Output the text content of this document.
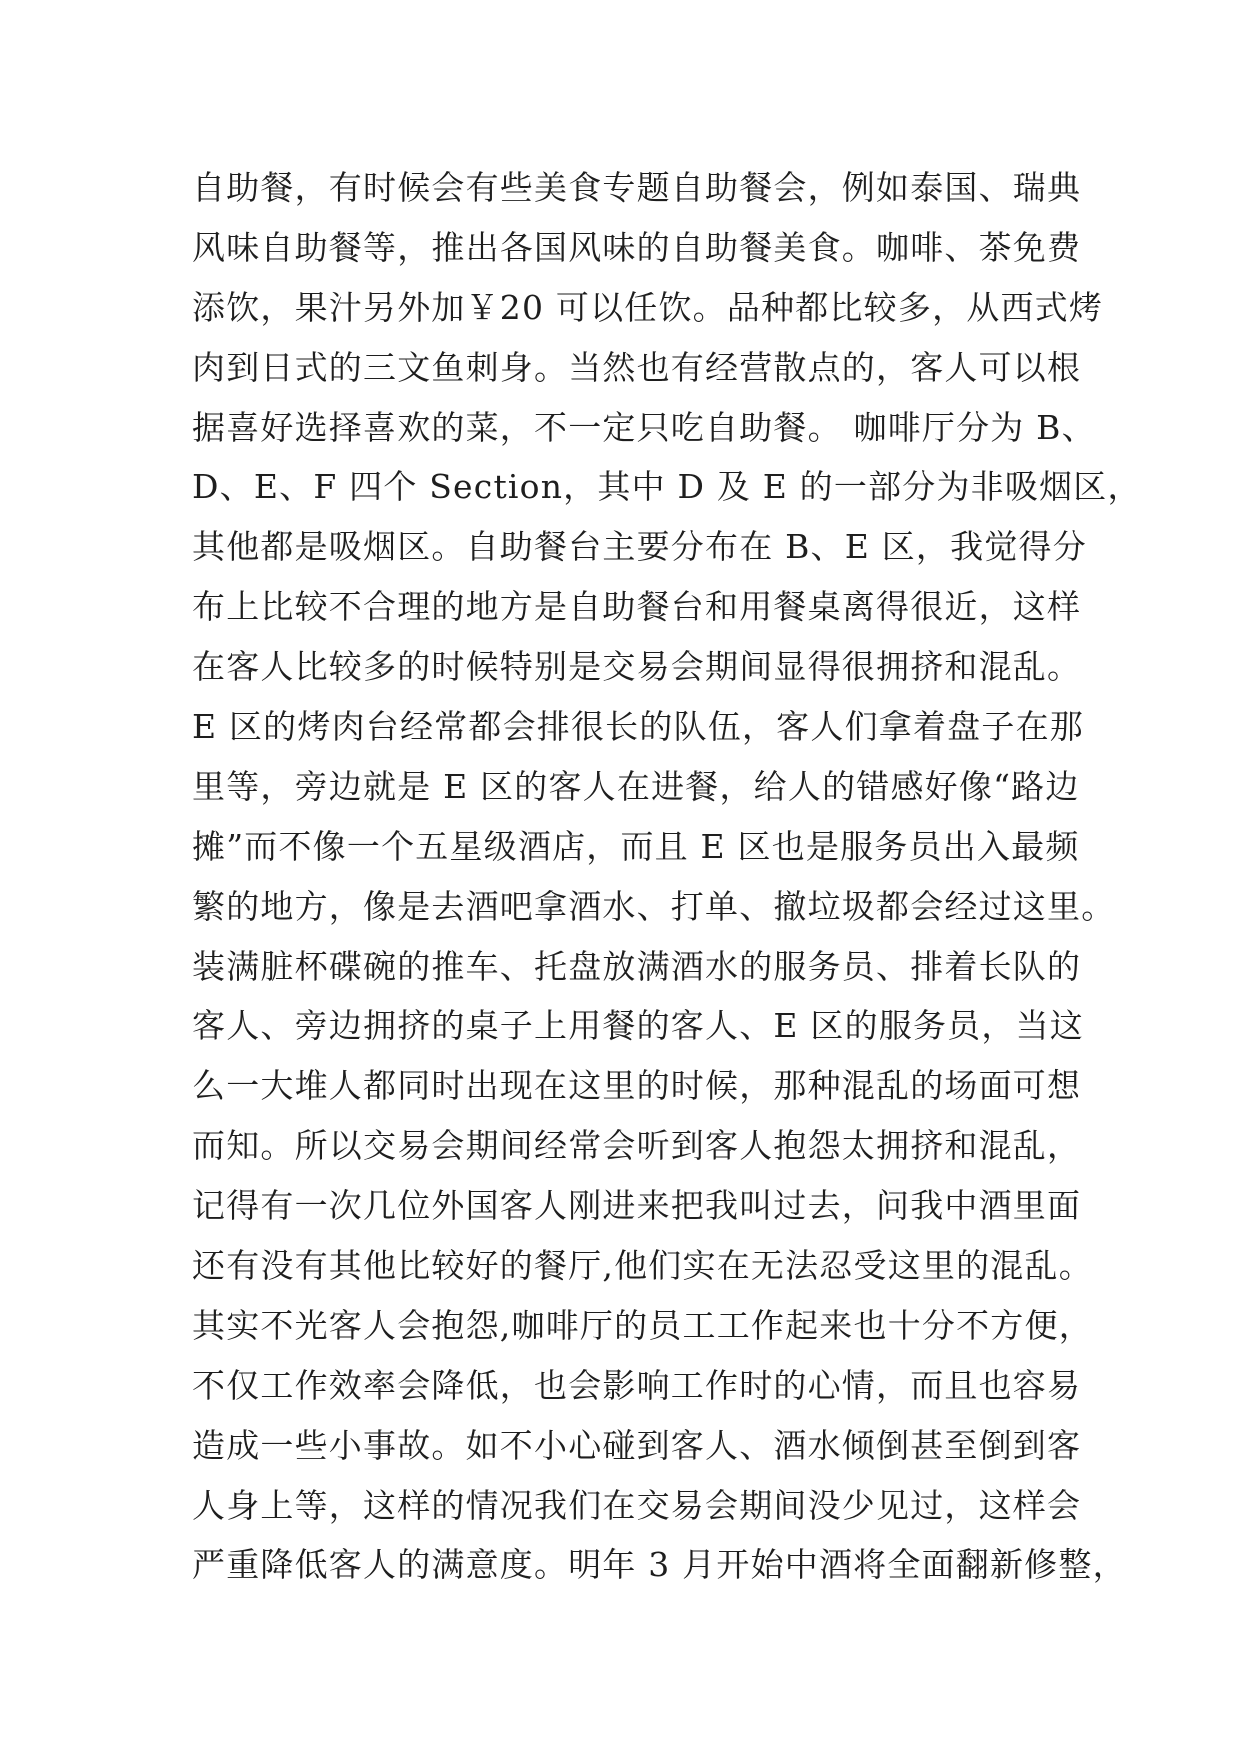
自助餐，有时候会有些美食专题自助餐会，例如泰国、瑞典
风味自助餐等，推出各国风味的自助餐美食。咖啡、茶免费
添饮，果汁另外加￥20 可以任饮。品种都比较多，从西式烤
肉到日式的三文鱼刺身。当然也有经营散点的，客人可以根
据喜好选择喜欢的菜，不一定只吃自助餐。 咖啡厅分为 B、
D、E、F 四个 Section，其中 D 及 E 的一部分为非吸烟区，
其他都是吸烟区。自助餐台主要分布在 B、E 区，我觉得分
布上比较不合理的地方是自助餐台和用餐桌离得很近，这样
在客人比较多的时候特别是交易会期间显得很拥挤和混乱。
E 区的烤肉台经常都会排很长的队伍，客人们拿着盘子在那
里等，旁边就是 E 区的客人在进餐，给人的错感好像“路边
摊”而不像一个五星级酒店，而且 E 区也是服务员出入最频
繁的地方，像是去酒吧拿酒水、打单、撤垃圾都会经过这里。
装满脏杯碟碗的推车、托盘放满酒水的服务员、排着长队的
客人、旁边拥挤的桌子上用餐的客人、E 区的服务员，当这
么一大堆人都同时出现在这里的时候，那种混乱的场面可想
而知。所以交易会期间经常会听到客人抱怨太拥挤和混乱，
记得有一次几位外国客人刚进来把我叫过去，问我中酒里面
还有没有其他比较好的餐厅,他们实在无法忍受这里的混乱。
其实不光客人会抱怨,咖啡厅的员工工作起来也十分不方便，
不仅工作效率会降低，也会影响工作时的心情，而且也容易
造成一些小事故。如不小心碰到客人、酒水倾倒甚至倒到客
人身上等，这样的情况我们在交易会期间没少见过，这样会
严重降低客人的满意度。明年 3 月开始中酒将全面翻新修整，
